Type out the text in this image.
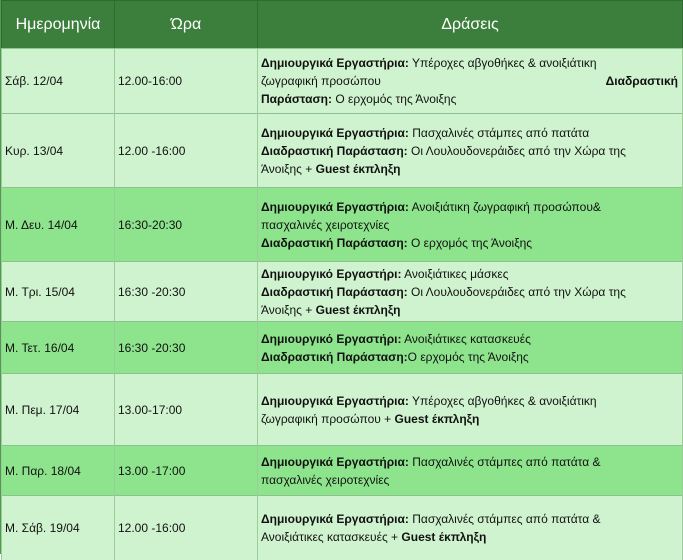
Ημερομηνία	Ώρα	Δράσεις
Σάβ. 12/04	12.00-16:00	Δημιουργικά Εργαστήρια: Υπέροχες αβγοθήκες & ανοιξιάτικη
ζωγραφική προσώπου Διαδραστική
Παράσταση: Ο ερχομός της Άνοιξης

Κυρ. 13/04	12.00 -16:00	Δημιουργικά Εργαστήρια: Πασχαλινές στάμπες από πατάτα
Διαδραστική Παράσταση: Οι Λουλουδονεράιδες από την Χώρα της
Άνοιξης + Guest έκπληξη

Μ. Δευ. 14/04	16:30-20:30	Δημιουργικά Εργαστήρια: Ανοιξιάτικη ζωγραφική προσώπου&
πασχαλινές χειροτεχνίες
Διαδραστική Παράσταση: Ο ερχομός της Άνοιξης

Μ. Τρι. 15/04	16:30 -20:30	Δημιουργικό Εργαστήρι: Ανοιξιάτικες μάσκες
Διαδραστική Παράσταση: Οι Λουλουδονεράιδες από την Χώρα της
Άνοιξης + Guest έκπληξη

Μ. Τετ. 16/04	16:30 -20:30	Δημιουργικό Εργαστήρι: Ανοιξιάτικες κατασκευές
Διαδραστική Παράσταση:Ο ερχομός της Άνοιξης

Μ. Πεμ. 17/04	13.00-17:00	Δημιουργικά Εργαστήρια: Υπέροχες αβγοθήκες & ανοιξιάτικη
ζωγραφική προσώπου + Guest έκπληξη

Μ. Παρ. 18/04	13.00 -17:00	Δημιουργικά Εργαστήρια: Πασχαλινές στάμπες από πατάτα &
πασχαλινές χειροτεχνίες

Μ. Σάβ. 19/04	12.00 -16:00	Δημιουργικά Εργαστήρια: Πασχαλινές στάμπες από πατάτα &
Ανοιξιάτικες κατασκευές + Guest έκπληξη
